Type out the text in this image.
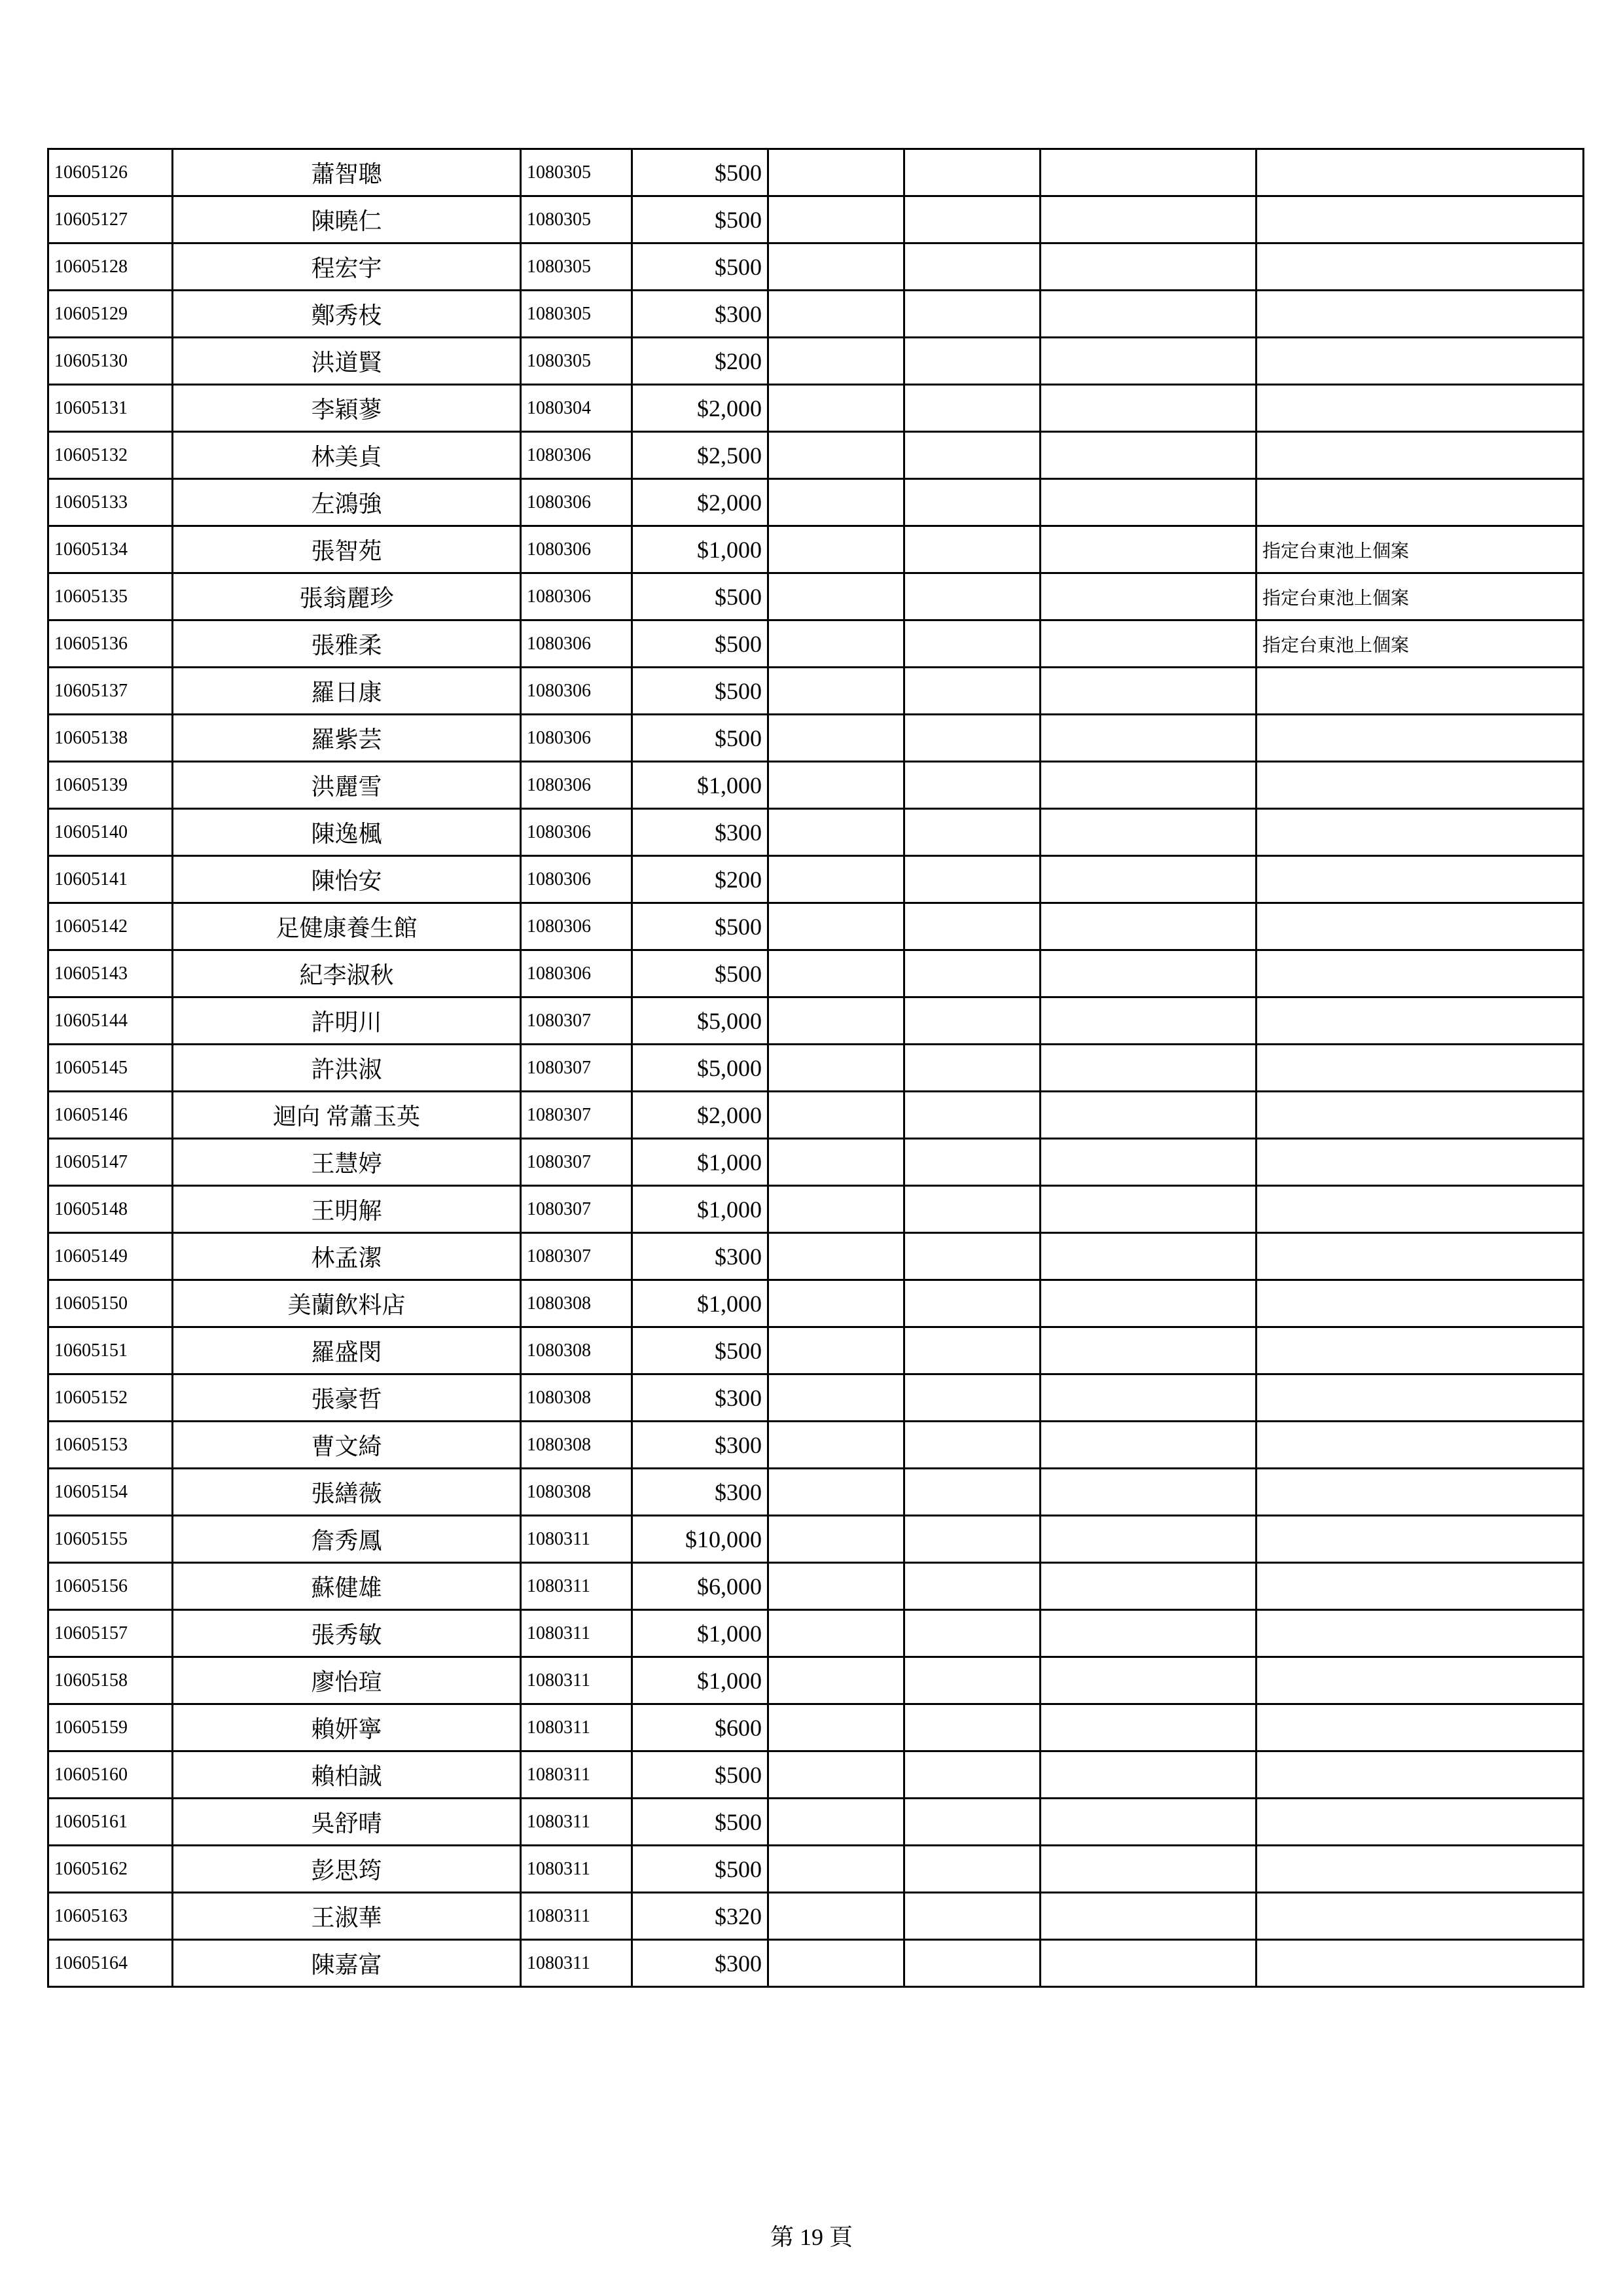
10605126	蕭智聰	1080305	$500				
10605127	陳曉仁	1080305	$500				
10605128	程宏宇	1080305	$500				
10605129	鄭秀枝	1080305	$300				
10605130	洪道賢	1080305	$200				
10605131	李穎蓼	1080304	$2,000				
10605132	林美貞	1080306	$2,500				
10605133	左鴻強	1080306	$2,000				
10605134	張智苑	1080306	$1,000				指定台東池上個案
10605135	張翁麗珍	1080306	$500				指定台東池上個案
10605136	張雅柔	1080306	$500				指定台東池上個案
10605137	羅日康	1080306	$500				
10605138	羅紫芸	1080306	$500				
10605139	洪麗雪	1080306	$1,000				
10605140	陳逸楓	1080306	$300				
10605141	陳怡安	1080306	$200				
10605142	足健康養生館	1080306	$500				
10605143	紀李淑秋	1080306	$500				
10605144	許明川	1080307	$5,000				
10605145	許洪淑	1080307	$5,000				
10605146	迴向 常蕭玉英	1080307	$2,000				
10605147	王慧婷	1080307	$1,000				
10605148	王明解	1080307	$1,000				
10605149	林孟潔	1080307	$300				
10605150	美蘭飲料店	1080308	$1,000				
10605151	羅盛閔	1080308	$500				
10605152	張豪哲	1080308	$300				
10605153	曹文綺	1080308	$300				
10605154	張繕薇	1080308	$300				
10605155	詹秀鳳	1080311	$10,000				
10605156	蘇健雄	1080311	$6,000				
10605157	張秀敏	1080311	$1,000				
10605158	廖怡瑄	1080311	$1,000				
10605159	賴妍寧	1080311	$600				
10605160	賴柏誠	1080311	$500				
10605161	吳舒晴	1080311	$500				
10605162	彭思筠	1080311	$500				
10605163	王淑華	1080311	$320				
10605164	陳嘉富	1080311	$300				
第 19 頁
